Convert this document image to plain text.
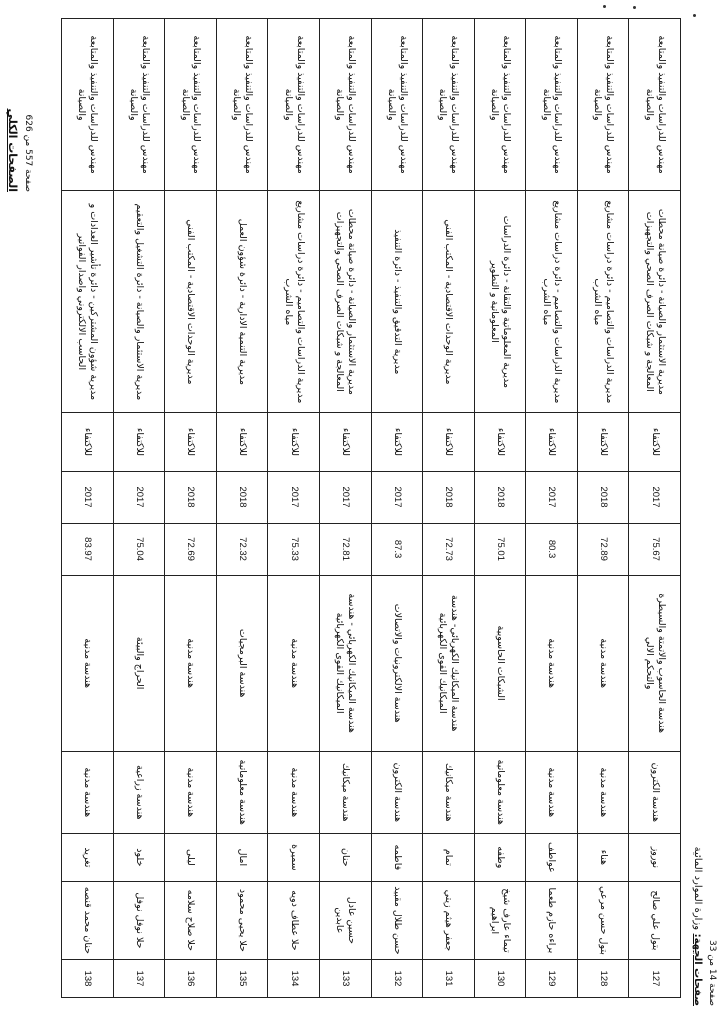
صفحة 14 من 33
صفحات الجهة: وزارة الموارد المائية
127	بتول علي صالح	نوروز	هندسة الكترون	هندسة الحاسوب والاتمتة والسيطرة والتحكم الالي	75.67	2017	للاكتفاء	مديرية الاستثمار والصيانة - دائرة صيانة محطات المعالجة و شبكات الصرف الصحي والتجهيزات	مهندس للدراسات والتنفيذ والمتابعة والصيانة
128	بتول حسن مرعي	هناء	هندسة مدنية	هندسة مدنية	72.89	2018	للاكتفاء	مديرية الدراسات والتصاميم - دائرة دراسات مشاريع مياه الشرب	مهندس للدراسات والتنفيذ والمتابعة والصيانة
129	براءه حازم طعما	عواطف	هندسة مدنية	هندسة مدنية	80.3	2017	للاكتفاء	مديرية الدراسات والتصاميم - دائرة دراسات مشاريع مياه الشرب	مهندس للدراسات والتنفيذ والمتابعة والصيانة
130	تيماء عارف شيخ ابراهيم	وطفه	هندسة معلوماتية	الشبكات الحاسوبية	75.01	2018	للاكتفاء	مديرية المعلوماتية والتقانة - دائرة الدراسات المعلوماتية و التطوير	مهندس للدراسات والتنفيذ والمتابعة والصيانة
131	جعفر هيثم زيتي	تمام	هندسة ميكانيك	هندسة الميكانيك الكهربائي- هندسة الميكانيك القوى الكهربائية	72.73	2018	للاكتفاء	مديرية الوحدات الاقتصادية - المكتب الفني	مهندس للدراسات والتنفيذ والمتابعة والصيانة
132	حسن طلال مقبيد	فاطمه	هندسة الكترون	هندسة الالكترونيات والاتصالات	87.3	2017	للاكتفاء	مديرية التدقيق والتنفيذ - دائرة التنفيذ	مهندس للدراسات والتنفيذ والمتابعة والصيانة
133	حسين عادل عابدين	حنان	هندسة ميكانيك	هندسة الميكانيك الكهربائي - هندسة الميكانيك القوى الكهربائية	72.81	2017	للاكتفاء	مديرية الاستثمار والصيانة - دائرة صيانة محطات المعالجة و شبكات الصرف الصحي والتجهيزات	مهندس للدراسات والتنفيذ والمتابعة والصيانة
134	حلا عطاف دويه	سميرة	هندسة مدنية	هندسة مدنية	75.33	2017	للاكتفاء	مديرية الدراسات والتصاميم - دائرة دراسات مشاريع مياه الشرب	مهندس للدراسات والتنفيذ والمتابعة والصيانة
135	حلا يحيى محمود	امال	هندسة معلوماتية	هندسة البرمجيات	72.32	2018	للاكتفاء	مديرية التنمية الادارية - دائرة شؤون العمل	مهندس للدراسات والتنفيذ والمتابعة والصيانة
136	حلا صلاح سلامه	ليلى	هندسة مدنية	هندسة مدنية	72.69	2018	للاكتفاء	مديرية الوحدات الاقتصادية - المكتب الفني	مهندس للدراسات والتنفيذ والمتابعة والصيانة
137	حلا نوفل نوفل	خلود	هندسة زراعية	الحراج والبيئة	75.04	2017	للاكتفاء	مديرية الاستثمار والصيانة - دائرة التشغيل والتعقيم	مهندس للدراسات والتنفيذ والمتابعة والصيانة
138	حنان محمد قنصه	تغريد	هندسة مدنية	هندسة مدنية	83.97	2017	للاكتفاء	مديرية شؤون المشتركين - دائرة تأشير العدادات و الحاسب الالكتروني واصدار الفواتير	مهندس للدراسات والتنفيذ والمتابعة والصيانة
صفحة 557 من 626
الصفحات الكلي
